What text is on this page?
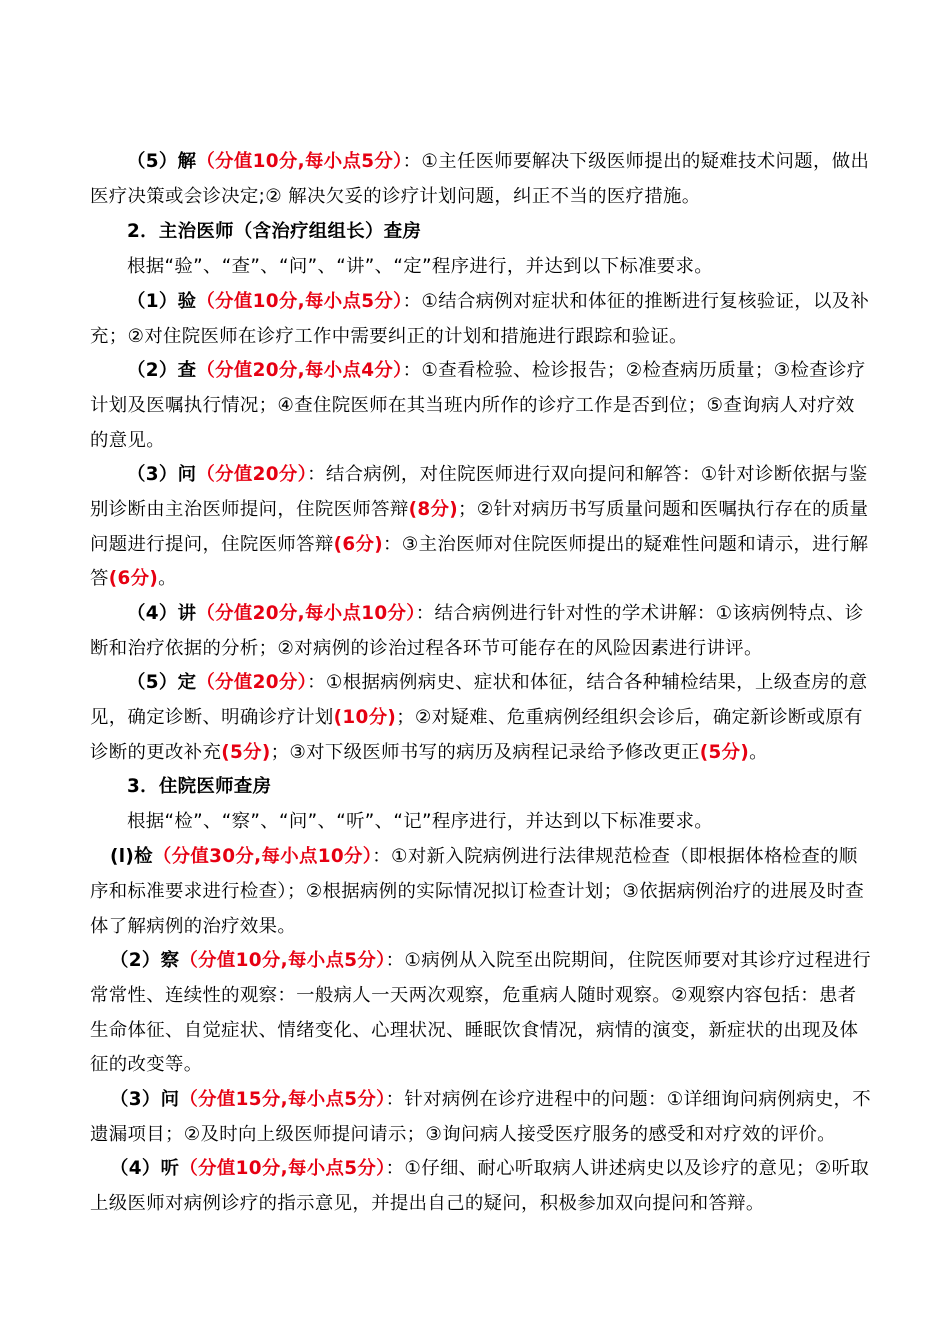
（5）解（分值10分,每小点5分）：①主任医师要解决下级医师提出的疑难技术问题，做出医疗决策或会诊决定;② 解决欠妥的诊疗计划问题，纠正不当的医疗措施。

2．主治医师（含治疗组组长）查房

根据“验”、“查”、“问”、“讲”、“定”程序进行，并达到以下标准要求。

（1）验（分值10分,每小点5分）：①结合病例对症状和体征的推断进行复核验证，以及补充；②对住院医师在诊疗工作中需要纠正的计划和措施进行跟踪和验证。

（2）查（分值20分,每小点4分）：①查看检验、检诊报告；②检查病历质量；③检查诊疗计划及医嘱执行情况；④查住院医师在其当班内所作的诊疗工作是否到位；⑤查询病人对疗效的意见。

（3）问（分值20分）：结合病例，对住院医师进行双向提问和解答：①针对诊断依据与鉴别诊断由主治医师提问，住院医师答辩(8分)；②针对病历书写质量问题和医嘱执行存在的质量问题进行提问，住院医师答辩(6分)：③主治医师对住院医师提出的疑难性问题和请示，进行解答(6分)。

（4）讲（分值20分,每小点10分）：结合病例进行针对性的学术讲解：①该病例特点、诊断和治疗依据的分析；②对病例的诊治过程各环节可能存在的风险因素进行讲评。

（5）定（分值20分）：①根据病例病史、症状和体征，结合各种辅检结果，上级查房的意见，确定诊断、明确诊疗计划(10分)；②对疑难、危重病例经组织会诊后，确定新诊断或原有诊断的更改补充(5分)；③对下级医师书写的病历及病程记录给予修改更正(5分)。

3．住院医师查房

根据“检”、“察”、“问”、“听”、“记”程序进行，并达到以下标准要求。

(l)检（分值30分,每小点10分）：①对新入院病例进行法律规范检查（即根据体格检查的顺序和标准要求进行检查）；②根据病例的实际情况拟订检查计划；③依据病例治疗的进展及时查体了解病例的治疗效果。

（2）察（分值10分,每小点5分）：①病例从入院至出院期间，住院医师要对其诊疗过程进行常常性、连续性的观察：一般病人一天两次观察，危重病人随时观察。②观察内容包括：患者生命体征、自觉症状、情绪变化、心理状况、睡眠饮食情况，病情的演变，新症状的出现及体征的改变等。

（3）问（分值15分,每小点5分）：针对病例在诊疗进程中的问题：①详细询问病例病史，不遗漏项目；②及时向上级医师提问请示；③询问病人接受医疗服务的感受和对疗效的评价。

（4）听（分值10分,每小点5分）：①仔细、耐心听取病人讲述病史以及诊疗的意见；②听取上级医师对病例诊疗的指示意见，并提出自己的疑问，积极参加双向提问和答辩。
